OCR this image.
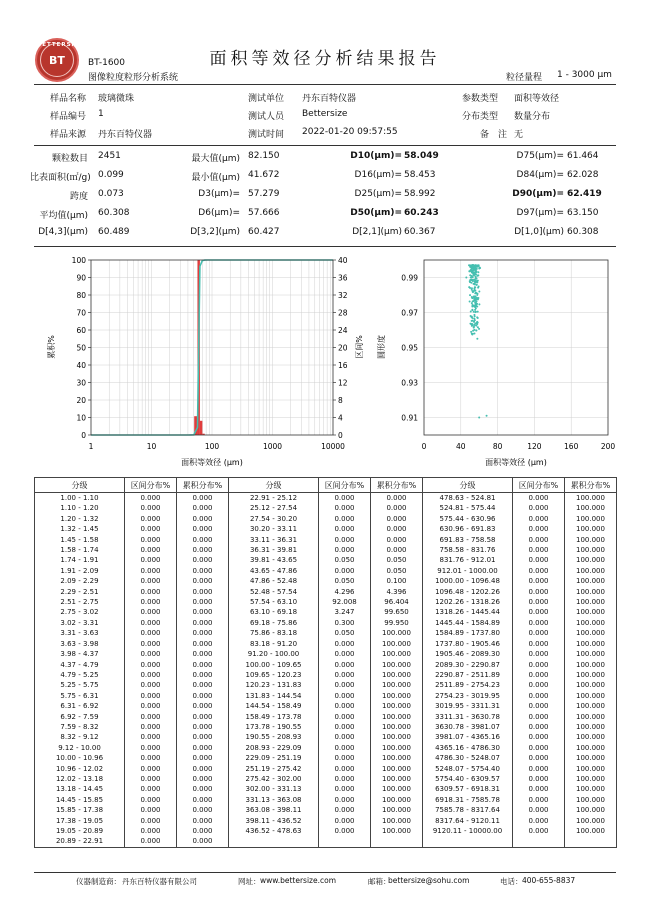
BETTERSIZE
BT	BT-1600
图像粒度粒形分析系统
面积等效径分析结果报告
粒径量程 1 - 3000 μm
样品名称 玻璃微珠	测试单位 丹东百特仪器	参数类型 面积等效径
样品编号 1	测试人员 Bettersize	分布类型 数量分布
样品来源 丹东百特仪器	测试时间 2022-01-20 09:57:55	备　注 无
颗粒数目 2451	最大值(μm) 82.150	D10(μm)= 58.049	D75(μm)= 61.464
比表面积(㎡/g) 0.099	最小值(μm) 41.672	D16(μm)= 58.453	D84(μm)= 62.028
跨度 0.073	D3(μm)= 57.279	D25(μm)= 58.992	D90(μm)= 62.419
平均值(μm) 60.308	D6(μm)= 57.666	D50(μm)= 60.243	D97(μm)= 63.150
D[4,3](μm) 60.489	D[3,2](μm) 60.427	D[2,1](μm) 60.367	D[1,0](μm) 60.308
0
10
20
30
40
50
60
70
80
90
100
0
4
8
12
16
20
24
28
32
36
40
1	10	100	1000	10000
面积等效径 (μm)
累积%	区间%
0.91
0.93
0.95
0.97
0.99
0	40	80	120	160	200
面积等效径 (μm)
圆形度
分级	区间分布%	累积分布%	分级	区间分布%	累积分布%	分级	区间分布%	累积分布%
1.00 - 1.10	0.000	0.000	22.91 - 25.12	0.000	0.000	478.63 - 524.81	0.000	100.000
1.10 - 1.20	0.000	0.000	25.12 - 27.54	0.000	0.000	524.81 - 575.44	0.000	100.000
1.20 - 1.32	0.000	0.000	27.54 - 30.20	0.000	0.000	575.44 - 630.96	0.000	100.000
1.32 - 1.45	0.000	0.000	30.20 - 33.11	0.000	0.000	630.96 - 691.83	0.000	100.000
1.45 - 1.58	0.000	0.000	33.11 - 36.31	0.000	0.000	691.83 - 758.58	0.000	100.000
1.58 - 1.74	0.000	0.000	36.31 - 39.81	0.000	0.000	758.58 - 831.76	0.000	100.000
1.74 - 1.91	0.000	0.000	39.81 - 43.65	0.050	0.050	831.76 - 912.01	0.000	100.000
1.91 - 2.09	0.000	0.000	43.65 - 47.86	0.000	0.050	912.01 - 1000.00	0.000	100.000
2.09 - 2.29	0.000	0.000	47.86 - 52.48	0.050	0.100	1000.00 - 1096.48	0.000	100.000
2.29 - 2.51	0.000	0.000	52.48 - 57.54	4.296	4.396	1096.48 - 1202.26	0.000	100.000
2.51 - 2.75	0.000	0.000	57.54 - 63.10	92.008	96.404	1202.26 - 1318.26	0.000	100.000
2.75 - 3.02	0.000	0.000	63.10 - 69.18	3.247	99.650	1318.26 - 1445.44	0.000	100.000
3.02 - 3.31	0.000	0.000	69.18 - 75.86	0.300	99.950	1445.44 - 1584.89	0.000	100.000
3.31 - 3.63	0.000	0.000	75.86 - 83.18	0.050	100.000	1584.89 - 1737.80	0.000	100.000
3.63 - 3.98	0.000	0.000	83.18 - 91.20	0.000	100.000	1737.80 - 1905.46	0.000	100.000
3.98 - 4.37	0.000	0.000	91.20 - 100.00	0.000	100.000	1905.46 - 2089.30	0.000	100.000
4.37 - 4.79	0.000	0.000	100.00 - 109.65	0.000	100.000	2089.30 - 2290.87	0.000	100.000
4.79 - 5.25	0.000	0.000	109.65 - 120.23	0.000	100.000	2290.87 - 2511.89	0.000	100.000
5.25 - 5.75	0.000	0.000	120.23 - 131.83	0.000	100.000	2511.89 - 2754.23	0.000	100.000
5.75 - 6.31	0.000	0.000	131.83 - 144.54	0.000	100.000	2754.23 - 3019.95	0.000	100.000
6.31 - 6.92	0.000	0.000	144.54 - 158.49	0.000	100.000	3019.95 - 3311.31	0.000	100.000
6.92 - 7.59	0.000	0.000	158.49 - 173.78	0.000	100.000	3311.31 - 3630.78	0.000	100.000
7.59 - 8.32	0.000	0.000	173.78 - 190.55	0.000	100.000	3630.78 - 3981.07	0.000	100.000
8.32 - 9.12	0.000	0.000	190.55 - 208.93	0.000	100.000	3981.07 - 4365.16	0.000	100.000
9.12 - 10.00	0.000	0.000	208.93 - 229.09	0.000	100.000	4365.16 - 4786.30	0.000	100.000
10.00 - 10.96	0.000	0.000	229.09 - 251.19	0.000	100.000	4786.30 - 5248.07	0.000	100.000
10.96 - 12.02	0.000	0.000	251.19 - 275.42	0.000	100.000	5248.07 - 5754.40	0.000	100.000
12.02 - 13.18	0.000	0.000	275.42 - 302.00	0.000	100.000	5754.40 - 6309.57	0.000	100.000
13.18 - 14.45	0.000	0.000	302.00 - 331.13	0.000	100.000	6309.57 - 6918.31	0.000	100.000
14.45 - 15.85	0.000	0.000	331.13 - 363.08	0.000	100.000	6918.31 - 7585.78	0.000	100.000
15.85 - 17.38	0.000	0.000	363.08 - 398.11	0.000	100.000	7585.78 - 8317.64	0.000	100.000
17.38 - 19.05	0.000	0.000	398.11 - 436.52	0.000	100.000	8317.64 - 9120.11	0.000	100.000
19.05 - 20.89	0.000	0.000	436.52 - 478.63	0.000	100.000	9120.11 - 10000.00	0.000	100.000
20.89 - 22.91	0.000	0.000						
仪器制造商： 丹东百特仪器有限公司	网址： www.bettersize.com	邮箱：
bettersize@sohu.com	电话： 400-655-8837
